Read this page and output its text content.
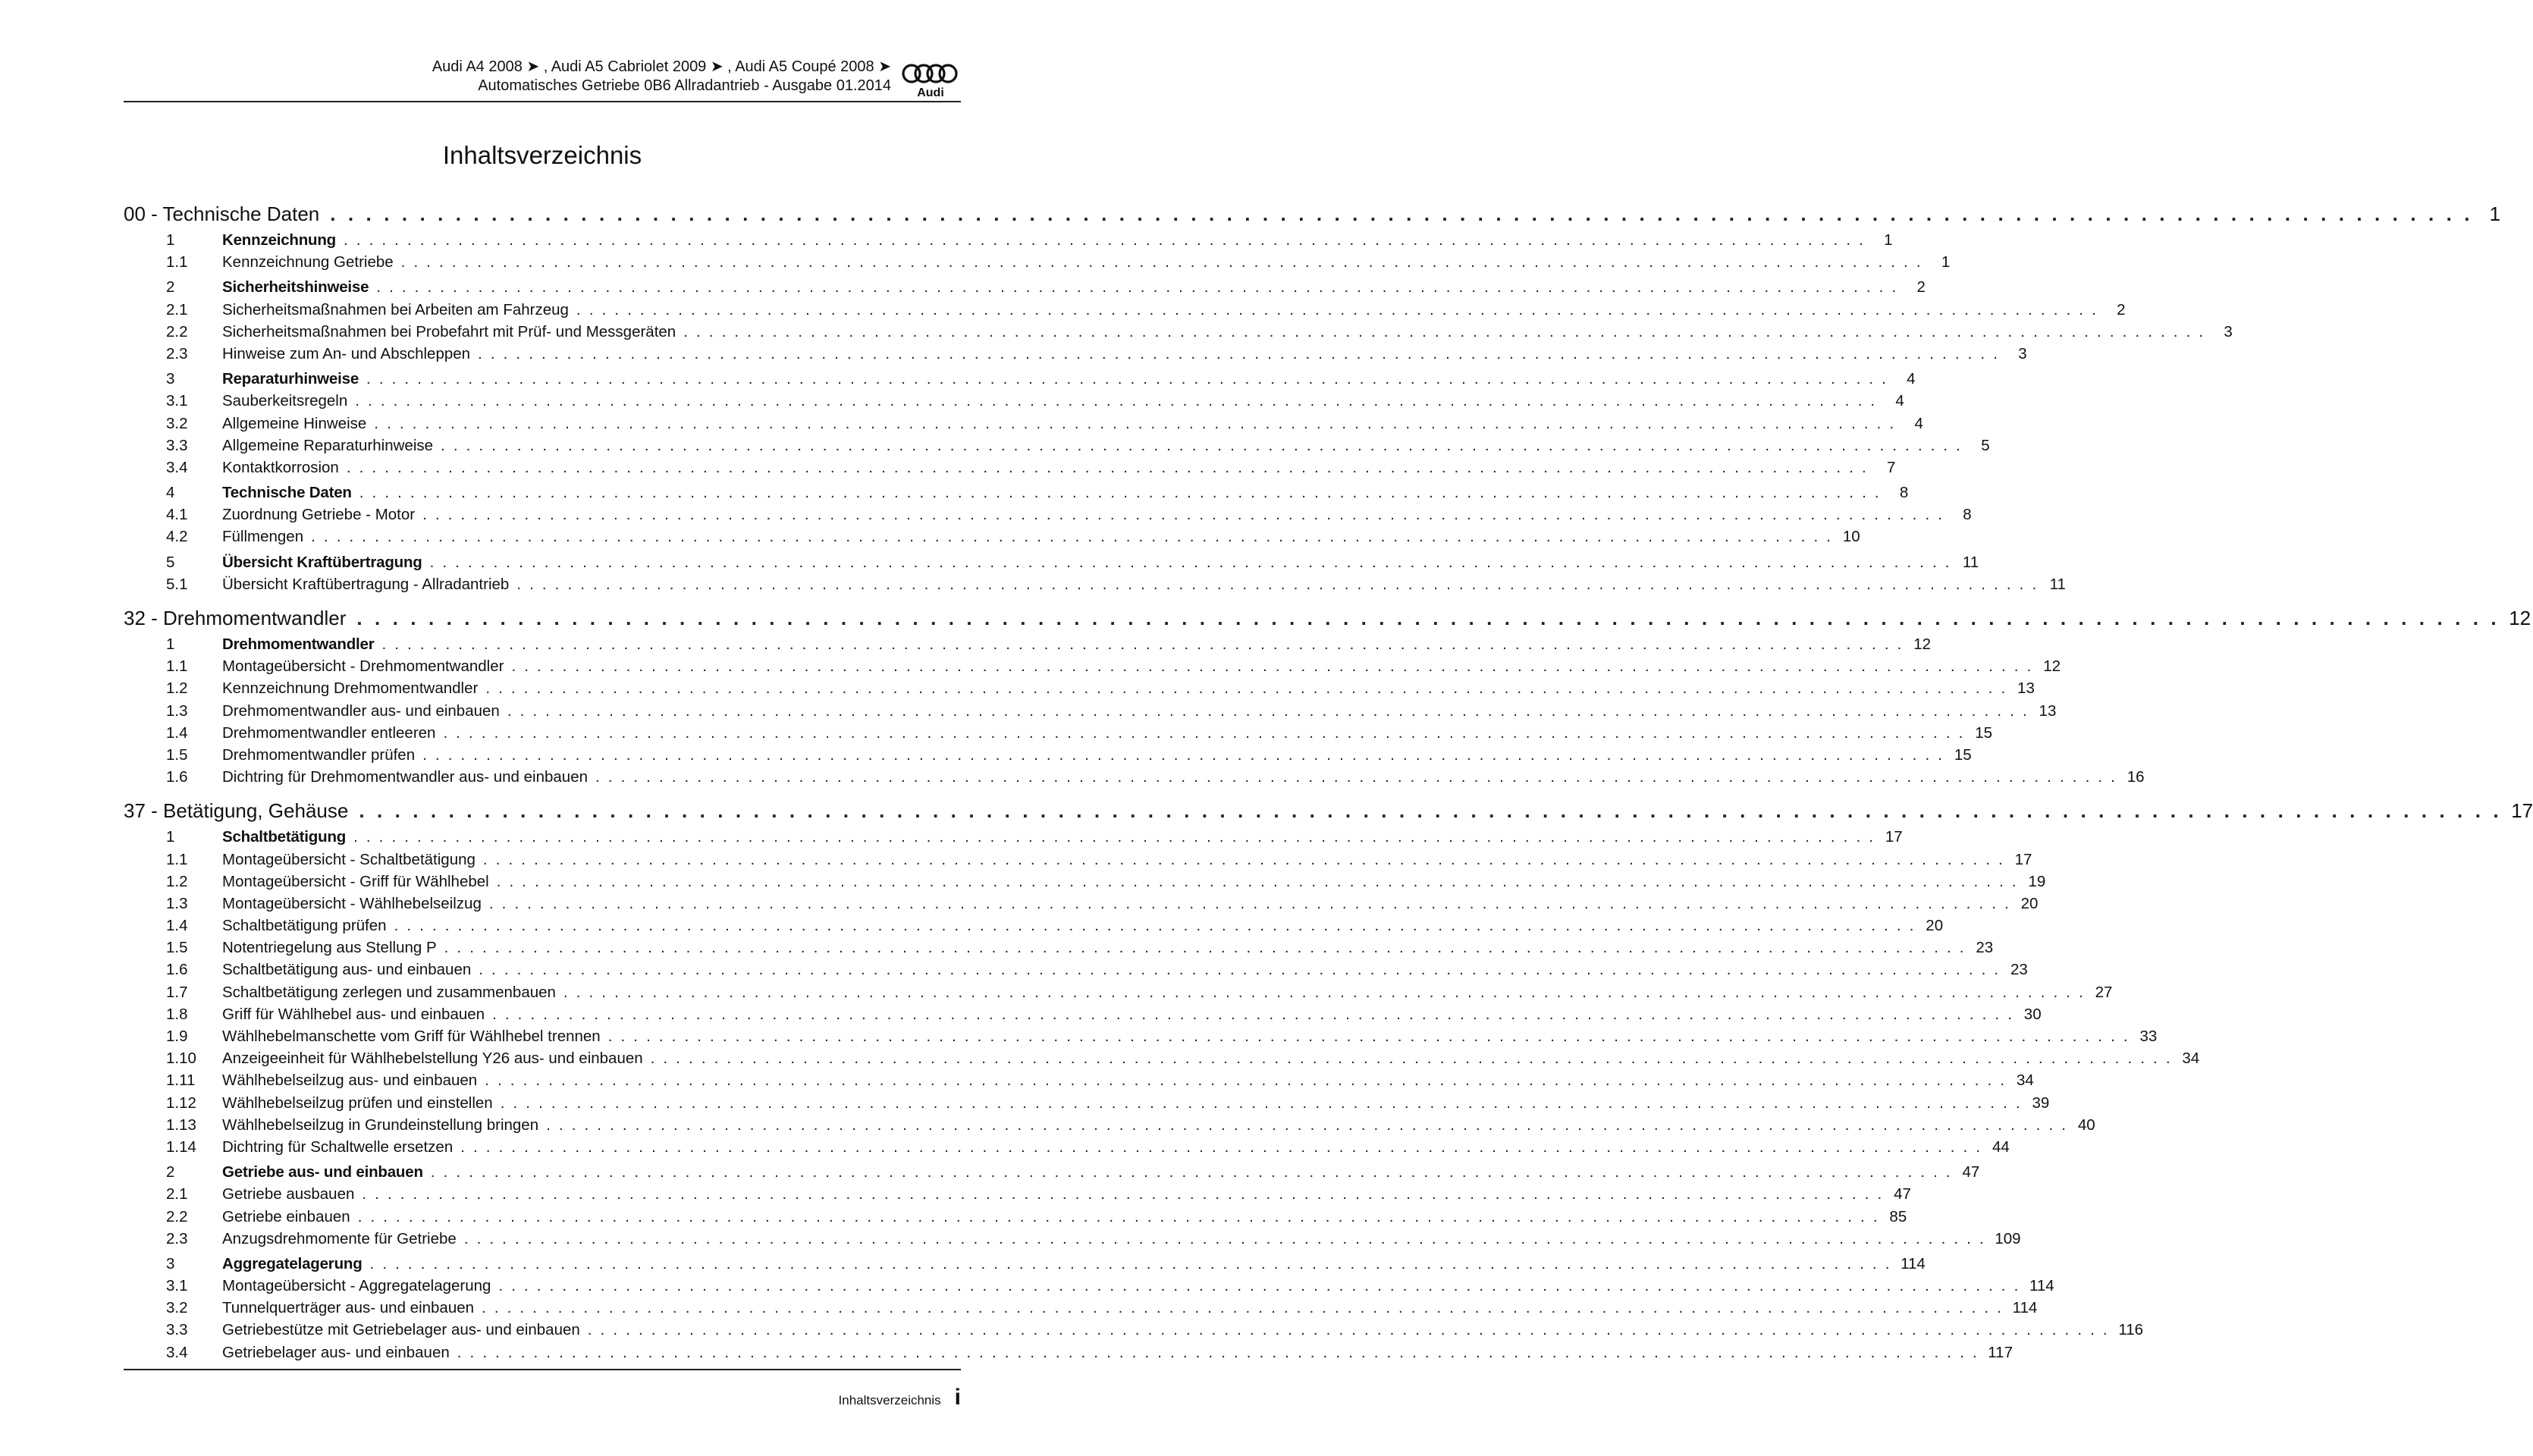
Audi A4 2008 ➤ , Audi A5 Cabriolet 2009 ➤ , Audi A5 Coupé 2008 ➤
Automatisches Getriebe 0B6 Allradantrieb - Ausgabe 01.2014 Audi
Inhaltsverzeichnis
00 - Technische Daten . . . . . . . . . . . . . . . . . . . . . . . . . . . . . . . . . . . . . . . . . . . . . . . . . . . . . . . . . . . . . . . . . . . . . . . . . . . . . . . . . . . . . . . . . . . . . . . . . . . . . . . . . . . . . . . . . . . . . . . . 1
1	Kennzeichnung . . . . . . . . . . . . . . . . . . . . . . . . . . . . . . . . . . . . . . . . . . . . . . . . . . . . . . . . . . . . . . . . . . . . . . . . . . . . . . . . . . . . . . . . . . . . . . . . . . . . . . . . . . . . . . . . . . . . . . . .	1
1.1	Kennzeichnung Getriebe . . . . . . . . . . . . . . . . . . . . . . . . . . . . . . . . . . . . . . . . . . . . . . . . . . . . . . . . . . . . . . . . . . . . . . . . . . . . . . . . . . . . . . . . . . . . . . . . . . . . . . . . . . . . . . . . . . . . . . . .	1
2	Sicherheitshinweise . . . . . . . . . . . . . . . . . . . . . . . . . . . . . . . . . . . . . . . . . . . . . . . . . . . . . . . . . . . . . . . . . . . . . . . . . . . . . . . . . . . . . . . . . . . . . . . . . . . . . . . . . . . . . . . . . . . . . . . .	2
2.1	Sicherheitsmaßnahmen bei Arbeiten am Fahrzeug . . . . . . . . . . . . . . . . . . . . . . . . . . . . . . . . . . . . . . . . . . . . . . . . . . . . . . . . . . . . . . . . . . . . . . . . . . . . . . . . . . . . . . . . . . . . . . . . . . . . . . . . . . . . . . . . . . . . . . . .	2
2.2	Sicherheitsmaßnahmen bei Probefahrt mit Prüf- und Messgeräten . . . . . . . . . . . . . . . . . . . . . . . . . . . . . . . . . . . . . . . . . . . . . . . . . . . . . . . . . . . . . . . . . . . . . . . . . . . . . . . . . . . . . . . . . . . . . . . . . . . . . . . . . . . . . . . . . . . . . . . .	3
2.3	Hinweise zum An- und Abschleppen . . . . . . . . . . . . . . . . . . . . . . . . . . . . . . . . . . . . . . . . . . . . . . . . . . . . . . . . . . . . . . . . . . . . . . . . . . . . . . . . . . . . . . . . . . . . . . . . . . . . . . . . . . . . . . . . . . . . . . . .	3
3	Reparaturhinweise . . . . . . . . . . . . . . . . . . . . . . . . . . . . . . . . . . . . . . . . . . . . . . . . . . . . . . . . . . . . . . . . . . . . . . . . . . . . . . . . . . . . . . . . . . . . . . . . . . . . . . . . . . . . . . . . . . . . . . . .	4
3.1	Sauberkeitsregeln . . . . . . . . . . . . . . . . . . . . . . . . . . . . . . . . . . . . . . . . . . . . . . . . . . . . . . . . . . . . . . . . . . . . . . . . . . . . . . . . . . . . . . . . . . . . . . . . . . . . . . . . . . . . . . . . . . . . . . . .	4
3.2	Allgemeine Hinweise . . . . . . . . . . . . . . . . . . . . . . . . . . . . . . . . . . . . . . . . . . . . . . . . . . . . . . . . . . . . . . . . . . . . . . . . . . . . . . . . . . . . . . . . . . . . . . . . . . . . . . . . . . . . . . . . . . . . . . . .	4
3.3	Allgemeine Reparaturhinweise . . . . . . . . . . . . . . . . . . . . . . . . . . . . . . . . . . . . . . . . . . . . . . . . . . . . . . . . . . . . . . . . . . . . . . . . . . . . . . . . . . . . . . . . . . . . . . . . . . . . . . . . . . . . . . . . . . . . . . . .	5
3.4	Kontaktkorrosion . . . . . . . . . . . . . . . . . . . . . . . . . . . . . . . . . . . . . . . . . . . . . . . . . . . . . . . . . . . . . . . . . . . . . . . . . . . . . . . . . . . . . . . . . . . . . . . . . . . . . . . . . . . . . . . . . . . . . . . .	7
4	Technische Daten . . . . . . . . . . . . . . . . . . . . . . . . . . . . . . . . . . . . . . . . . . . . . . . . . . . . . . . . . . . . . . . . . . . . . . . . . . . . . . . . . . . . . . . . . . . . . . . . . . . . . . . . . . . . . . . . . . . . . . . .	8
4.1	Zuordnung Getriebe - Motor . . . . . . . . . . . . . . . . . . . . . . . . . . . . . . . . . . . . . . . . . . . . . . . . . . . . . . . . . . . . . . . . . . . . . . . . . . . . . . . . . . . . . . . . . . . . . . . . . . . . . . . . . . . . . . . . . . . . . . . .	8
4.2	Füllmengen . . . . . . . . . . . . . . . . . . . . . . . . . . . . . . . . . . . . . . . . . . . . . . . . . . . . . . . . . . . . . . . . . . . . . . . . . . . . . . . . . . . . . . . . . . . . . . . . . . . . . . . . . . . . . . . . . . . . . . . . 10
5	Übersicht Kraftübertragung . . . . . . . . . . . . . . . . . . . . . . . . . . . . . . . . . . . . . . . . . . . . . . . . . . . . . . . . . . . . . . . . . . . . . . . . . . . . . . . . . . . . . . . . . . . . . . . . . . . . . . . . . . . . . . . . . . . . . . . . 11
5.1	Übersicht Kraftübertragung - Allradantrieb . . . . . . . . . . . . . . . . . . . . . . . . . . . . . . . . . . . . . . . . . . . . . . . . . . . . . . . . . . . . . . . . . . . . . . . . . . . . . . . . . . . . . . . . . . . . . . . . . . . . . . . . . . . . . . . . . . . . . . . . 11
32 - Drehmomentwandler . . . . . . . . . . . . . . . . . . . . . . . . . . . . . . . . . . . . . . . . . . . . . . . . . . . . . . . . . . . . . . . . . . . . . . . . . . . . . . . . . . . . . . . . . . . . . . . . . . . . . . . . . . . . . . . . . . . . . . . . 12
1	Drehmomentwandler . . . . . . . . . . . . . . . . . . . . . . . . . . . . . . . . . . . . . . . . . . . . . . . . . . . . . . . . . . . . . . . . . . . . . . . . . . . . . . . . . . . . . . . . . . . . . . . . . . . . . . . . . . . . . . . . . . . . . . . . 12
1.1	Montageübersicht - Drehmomentwandler . . . . . . . . . . . . . . . . . . . . . . . . . . . . . . . . . . . . . . . . . . . . . . . . . . . . . . . . . . . . . . . . . . . . . . . . . . . . . . . . . . . . . . . . . . . . . . . . . . . . . . . . . . . . . . . . . . . . . . . . 12
1.2	Kennzeichnung Drehmomentwandler . . . . . . . . . . . . . . . . . . . . . . . . . . . . . . . . . . . . . . . . . . . . . . . . . . . . . . . . . . . . . . . . . . . . . . . . . . . . . . . . . . . . . . . . . . . . . . . . . . . . . . . . . . . . . . . . . . . . . . . . 13
1.3	Drehmomentwandler aus- und einbauen . . . . . . . . . . . . . . . . . . . . . . . . . . . . . . . . . . . . . . . . . . . . . . . . . . . . . . . . . . . . . . . . . . . . . . . . . . . . . . . . . . . . . . . . . . . . . . . . . . . . . . . . . . . . . . . . . . . . . . . . 13
1.4	Drehmomentwandler entleeren . . . . . . . . . . . . . . . . . . . . . . . . . . . . . . . . . . . . . . . . . . . . . . . . . . . . . . . . . . . . . . . . . . . . . . . . . . . . . . . . . . . . . . . . . . . . . . . . . . . . . . . . . . . . . . . . . . . . . . . . 15
1.5	Drehmomentwandler prüfen . . . . . . . . . . . . . . . . . . . . . . . . . . . . . . . . . . . . . . . . . . . . . . . . . . . . . . . . . . . . . . . . . . . . . . . . . . . . . . . . . . . . . . . . . . . . . . . . . . . . . . . . . . . . . . . . . . . . . . . . 15
1.6	Dichtring für Drehmomentwandler aus- und einbauen . . . . . . . . . . . . . . . . . . . . . . . . . . . . . . . . . . . . . . . . . . . . . . . . . . . . . . . . . . . . . . . . . . . . . . . . . . . . . . . . . . . . . . . . . . . . . . . . . . . . . . . . . . . . . . . . . . . . . . . . 16
37 - Betätigung, Gehäuse . . . . . . . . . . . . . . . . . . . . . . . . . . . . . . . . . . . . . . . . . . . . . . . . . . . . . . . . . . . . . . . . . . . . . . . . . . . . . . . . . . . . . . . . . . . . . . . . . . . . . . . . . . . . . . . . . . . . . . . . 17
1	Schaltbetätigung . . . . . . . . . . . . . . . . . . . . . . . . . . . . . . . . . . . . . . . . . . . . . . . . . . . . . . . . . . . . . . . . . . . . . . . . . . . . . . . . . . . . . . . . . . . . . . . . . . . . . . . . . . . . . . . . . . . . . . . . 17
1.1	Montageübersicht - Schaltbetätigung . . . . . . . . . . . . . . . . . . . . . . . . . . . . . . . . . . . . . . . . . . . . . . . . . . . . . . . . . . . . . . . . . . . . . . . . . . . . . . . . . . . . . . . . . . . . . . . . . . . . . . . . . . . . . . . . . . . . . . . . 17
1.2	Montageübersicht - Griff für Wählhebel . . . . . . . . . . . . . . . . . . . . . . . . . . . . . . . . . . . . . . . . . . . . . . . . . . . . . . . . . . . . . . . . . . . . . . . . . . . . . . . . . . . . . . . . . . . . . . . . . . . . . . . . . . . . . . . . . . . . . . . . 19
1.3	Montageübersicht - Wählhebelseilzug . . . . . . . . . . . . . . . . . . . . . . . . . . . . . . . . . . . . . . . . . . . . . . . . . . . . . . . . . . . . . . . . . . . . . . . . . . . . . . . . . . . . . . . . . . . . . . . . . . . . . . . . . . . . . . . . . . . . . . . . 20
1.4	Schaltbetätigung prüfen . . . . . . . . . . . . . . . . . . . . . . . . . . . . . . . . . . . . . . . . . . . . . . . . . . . . . . . . . . . . . . . . . . . . . . . . . . . . . . . . . . . . . . . . . . . . . . . . . . . . . . . . . . . . . . . . . . . . . . . . 20
1.5	Notentriegelung aus Stellung P . . . . . . . . . . . . . . . . . . . . . . . . . . . . . . . . . . . . . . . . . . . . . . . . . . . . . . . . . . . . . . . . . . . . . . . . . . . . . . . . . . . . . . . . . . . . . . . . . . . . . . . . . . . . . . . . . . . . . . . . 23
1.6	Schaltbetätigung aus- und einbauen . . . . . . . . . . . . . . . . . . . . . . . . . . . . . . . . . . . . . . . . . . . . . . . . . . . . . . . . . . . . . . . . . . . . . . . . . . . . . . . . . . . . . . . . . . . . . . . . . . . . . . . . . . . . . . . . . . . . . . . . 23
1.7	Schaltbetätigung zerlegen und zusammenbauen . . . . . . . . . . . . . . . . . . . . . . . . . . . . . . . . . . . . . . . . . . . . . . . . . . . . . . . . . . . . . . . . . . . . . . . . . . . . . . . . . . . . . . . . . . . . . . . . . . . . . . . . . . . . . . . . . . . . . . . . 27
1.8	Griff für Wählhebel aus- und einbauen . . . . . . . . . . . . . . . . . . . . . . . . . . . . . . . . . . . . . . . . . . . . . . . . . . . . . . . . . . . . . . . . . . . . . . . . . . . . . . . . . . . . . . . . . . . . . . . . . . . . . . . . . . . . . . . . . . . . . . . . 30
1.9	Wählhebelmanschette vom Griff für Wählhebel trennen . . . . . . . . . . . . . . . . . . . . . . . . . . . . . . . . . . . . . . . . . . . . . . . . . . . . . . . . . . . . . . . . . . . . . . . . . . . . . . . . . . . . . . . . . . . . . . . . . . . . . . . . . . . . . . . . . . . . . . . . 33
1.10	Anzeigeeinheit für Wählhebelstellung Y26 aus- und einbauen . . . . . . . . . . . . . . . . . . . . . . . . . . . . . . . . . . . . . . . . . . . . . . . . . . . . . . . . . . . . . . . . . . . . . . . . . . . . . . . . . . . . . . . . . . . . . . . . . . . . . . . . . . . . . . . . . . . . . . . . 34
1.11	Wählhebelseilzug aus- und einbauen . . . . . . . . . . . . . . . . . . . . . . . . . . . . . . . . . . . . . . . . . . . . . . . . . . . . . . . . . . . . . . . . . . . . . . . . . . . . . . . . . . . . . . . . . . . . . . . . . . . . . . . . . . . . . . . . . . . . . . . . 34
1.12	Wählhebelseilzug prüfen und einstellen . . . . . . . . . . . . . . . . . . . . . . . . . . . . . . . . . . . . . . . . . . . . . . . . . . . . . . . . . . . . . . . . . . . . . . . . . . . . . . . . . . . . . . . . . . . . . . . . . . . . . . . . . . . . . . . . . . . . . . . . 39
1.13	Wählhebelseilzug in Grundeinstellung bringen . . . . . . . . . . . . . . . . . . . . . . . . . . . . . . . . . . . . . . . . . . . . . . . . . . . . . . . . . . . . . . . . . . . . . . . . . . . . . . . . . . . . . . . . . . . . . . . . . . . . . . . . . . . . . . . . . . . . . . . . 40
1.14	Dichtring für Schaltwelle ersetzen . . . . . . . . . . . . . . . . . . . . . . . . . . . . . . . . . . . . . . . . . . . . . . . . . . . . . . . . . . . . . . . . . . . . . . . . . . . . . . . . . . . . . . . . . . . . . . . . . . . . . . . . . . . . . . . . . . . . . . . . 44
2	Getriebe aus- und einbauen . . . . . . . . . . . . . . . . . . . . . . . . . . . . . . . . . . . . . . . . . . . . . . . . . . . . . . . . . . . . . . . . . . . . . . . . . . . . . . . . . . . . . . . . . . . . . . . . . . . . . . . . . . . . . . . . . . . . . . . . 47
2.1	Getriebe ausbauen . . . . . . . . . . . . . . . . . . . . . . . . . . . . . . . . . . . . . . . . . . . . . . . . . . . . . . . . . . . . . . . . . . . . . . . . . . . . . . . . . . . . . . . . . . . . . . . . . . . . . . . . . . . . . . . . . . . . . . . . 47
2.2	Getriebe einbauen . . . . . . . . . . . . . . . . . . . . . . . . . . . . . . . . . . . . . . . . . . . . . . . . . . . . . . . . . . . . . . . . . . . . . . . . . . . . . . . . . . . . . . . . . . . . . . . . . . . . . . . . . . . . . . . . . . . . . . . . 85
2.3	Anzugsdrehmomente für Getriebe . . . . . . . . . . . . . . . . . . . . . . . . . . . . . . . . . . . . . . . . . . . . . . . . . . . . . . . . . . . . . . . . . . . . . . . . . . . . . . . . . . . . . . . . . . . . . . . . . . . . . . . . . . . . . . . . . . . . . . . . 109
3	Aggregatelagerung . . . . . . . . . . . . . . . . . . . . . . . . . . . . . . . . . . . . . . . . . . . . . . . . . . . . . . . . . . . . . . . . . . . . . . . . . . . . . . . . . . . . . . . . . . . . . . . . . . . . . . . . . . . . . . . . . . . . . . . . 114
3.1	Montageübersicht - Aggregatelagerung . . . . . . . . . . . . . . . . . . . . . . . . . . . . . . . . . . . . . . . . . . . . . . . . . . . . . . . . . . . . . . . . . . . . . . . . . . . . . . . . . . . . . . . . . . . . . . . . . . . . . . . . . . . . . . . . . . . . . . . . 114
3.2	Tunnelquerträger aus- und einbauen . . . . . . . . . . . . . . . . . . . . . . . . . . . . . . . . . . . . . . . . . . . . . . . . . . . . . . . . . . . . . . . . . . . . . . . . . . . . . . . . . . . . . . . . . . . . . . . . . . . . . . . . . . . . . . . . . . . . . . . . 114
3.3	Getriebestütze mit Getriebelager aus- und einbauen . . . . . . . . . . . . . . . . . . . . . . . . . . . . . . . . . . . . . . . . . . . . . . . . . . . . . . . . . . . . . . . . . . . . . . . . . . . . . . . . . . . . . . . . . . . . . . . . . . . . . . . . . . . . . . . . . . . . . . . . 116
3.4	Getriebelager aus- und einbauen . . . . . . . . . . . . . . . . . . . . . . . . . . . . . . . . . . . . . . . . . . . . . . . . . . . . . . . . . . . . . . . . . . . . . . . . . . . . . . . . . . . . . . . . . . . . . . . . . . . . . . . . . . . . . . . . . . . . . . . . 117
Inhaltsverzeichnis i
